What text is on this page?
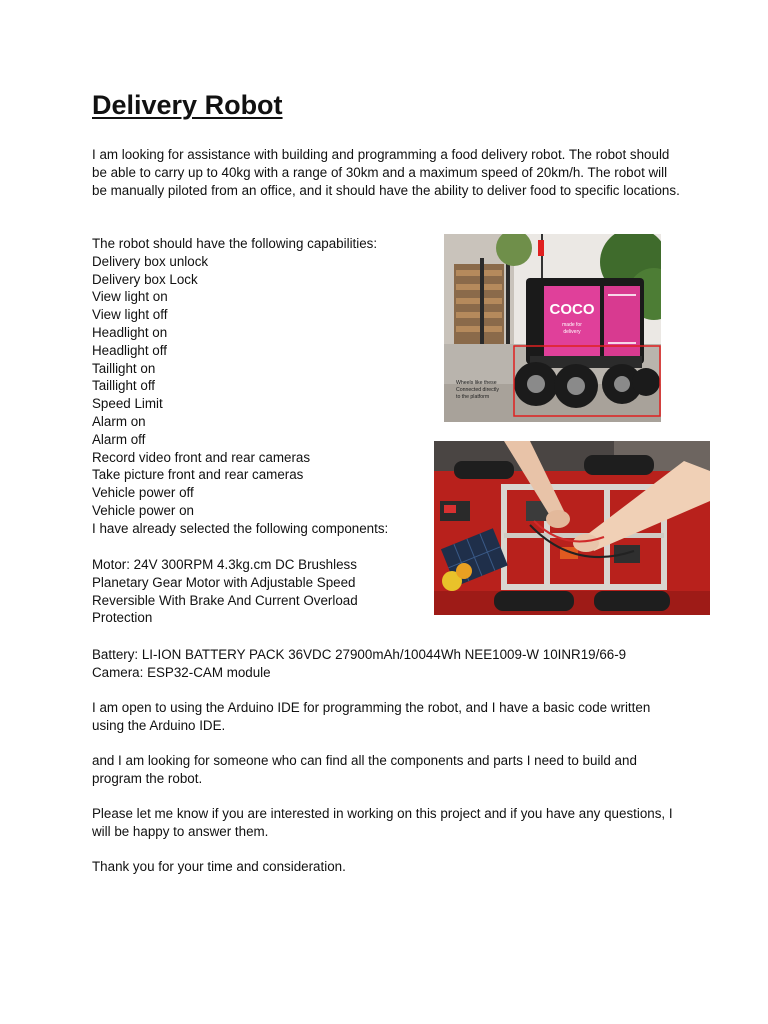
Delivery Robot

I am looking for assistance with building and programming a food delivery robot. The robot should be able to carry up to 40kg with a range of 30km and a maximum speed of 20km/h. The robot will be manually piloted from an office, and it should have the ability to deliver food to specific locations.

The robot should have the following capabilities:
Delivery box unlock
Delivery box Lock
View light on
View light off
Headlight on
Headlight off
Taillight on
Taillight off
Speed Limit
Alarm on
Alarm off
Record video front and rear cameras
Take picture front and rear cameras
Vehicle power off
Vehicle power on
I have already selected the following components:

Motor: 24V 300RPM 4.3kg.cm DC Brushless Planetary Gear Motor with Adjustable Speed Reversible With Brake And Current Overload Protection

Battery: LI-ION BATTERY PACK 36VDC 27900mAh/10044Wh NEE1009-W 10INR19/66-9
Camera: ESP32-CAM module

I am open to using the Arduino IDE for programming the robot, and I have a basic code written using the Arduino IDE.

and I am looking for someone who can find all the components and parts I need to build and program the robot.

Please let me know if you are interested in working on this project and if you have any questions, I will be happy to answer them.

Thank you for your time and consideration.

COCO
made for
delivery
Wheels like these
Connected directly
to the platform
